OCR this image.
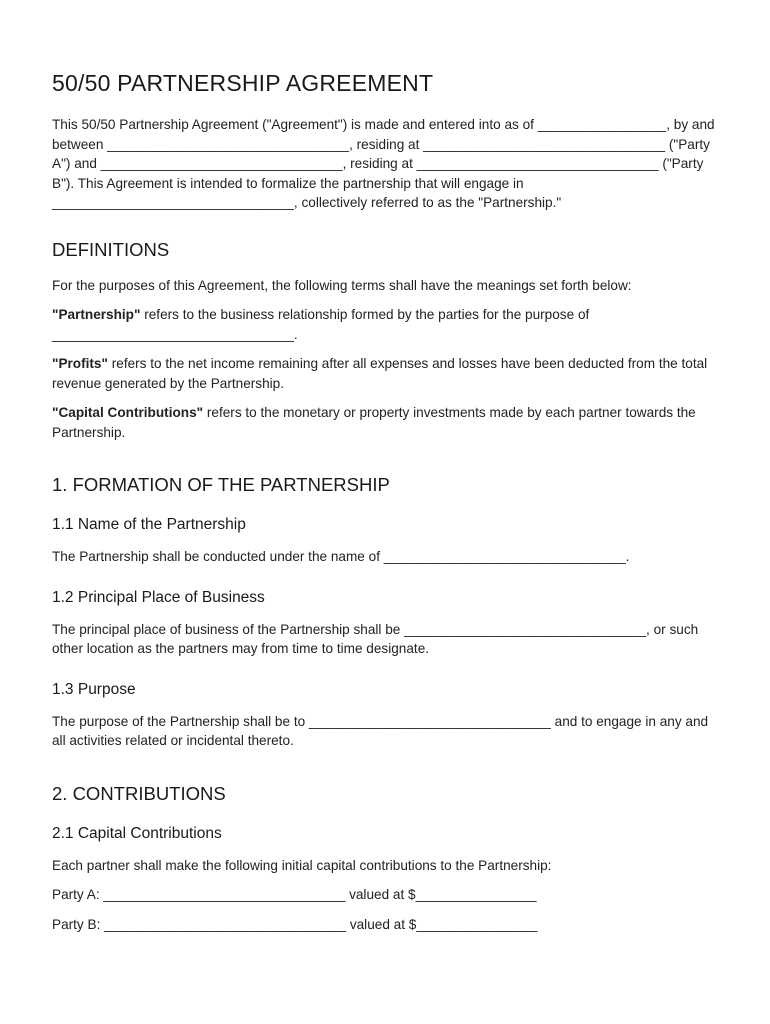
50/50 PARTNERSHIP AGREEMENT

This 50/50 Partnership Agreement ("Agreement") is made and entered into as of _________________, by and between ________________________________, residing at ________________________________ ("Party A") and ________________________________, residing at ________________________________ ("Party B"). This Agreement is intended to formalize the partnership that will engage in ________________________________, collectively referred to as the "Partnership."

DEFINITIONS

For the purposes of this Agreement, the following terms shall have the meanings set forth below:

"Partnership" refers to the business relationship formed by the parties for the purpose of ________________________________.

"Profits" refers to the net income remaining after all expenses and losses have been deducted from the total revenue generated by the Partnership.

"Capital Contributions" refers to the monetary or property investments made by each partner towards the Partnership.

1. FORMATION OF THE PARTNERSHIP
1.1 Name of the Partnership

The Partnership shall be conducted under the name of ________________________________.

1.2 Principal Place of Business

The principal place of business of the Partnership shall be ________________________________, or such other location as the partners may from time to time designate.

1.3 Purpose

The purpose of the Partnership shall be to ________________________________ and to engage in any and all activities related or incidental thereto.

2. CONTRIBUTIONS
2.1 Capital Contributions

Each partner shall make the following initial capital contributions to the Partnership:

Party A: ________________________________ valued at $________________

Party B: ________________________________ valued at $________________
